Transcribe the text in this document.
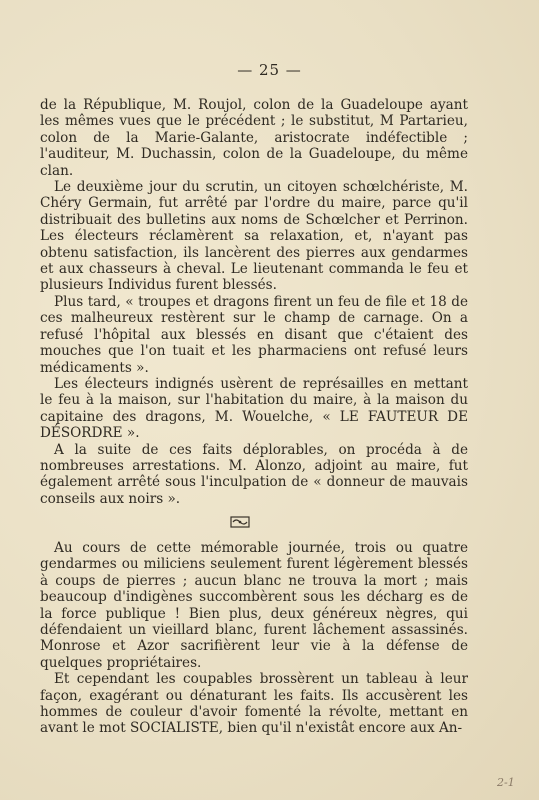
— 25 —

de la République, M. Roujol, colon de la Guadeloupe ayant les mêmes vues que le précédent ; le substitut, M Partarieu, colon de la Marie-Galante, aristocrate indéfectible ; l'auditeur, M. Duchassin, colon de la Guadeloupe, du même clan.

Le deuxième jour du scrutin, un citoyen schœlchériste, M. Chéry Germain, fut arrêté par l'ordre du maire, parce qu'il distribuait des bulletins aux noms de Schœlcher et Perrinon. Les électeurs réclamèrent sa relaxation, et, n'ayant pas obtenu satisfaction, ils lancèrent des pierres aux gendarmes et aux chasseurs à cheval. Le lieutenant commanda le feu et plusieurs Individus furent blessés.

Plus tard, « troupes et dragons firent un feu de file et 18 de ces malheureux restèrent sur le champ de carnage. On a refusé l'hôpital aux blessés en disant que c'étaient des mouches que l'on tuait et les pharmaciens ont refusé leurs médicaments ».

Les électeurs indignés usèrent de représailles en mettant le feu à la maison, sur l'habitation du maire, à la maison du capitaine des dragons, M. Wouelche, « LE FAUTEUR DE DÉSORDRE ».

A la suite de ces faits déplorables, on procéda à de nombreuses arrestations. M. Alonzo, adjoint au maire, fut également arrêté sous l'inculpation de « donneur de mauvais conseils aux noirs ».

Au cours de cette mémorable journée, trois ou quatre gendarmes ou miliciens seulement furent légèrement blessés à coups de pierres ; aucun blanc ne trouva la mort ; mais beaucoup d'indigènes succombèrent sous les décharg es de la force publique ! Bien plus, deux généreux nègres, qui défendaient un vieillard blanc, furent lâchement assassinés. Monrose et Azor sacrifièrent leur vie à la défense de quelques propriétaires.

Et cependant les coupables brossèrent un tableau à leur façon, exagérant ou dénaturant les faits. Ils accusèrent les hommes de couleur d'avoir fomenté la révolte, mettant en avant le mot SOCIALISTE, bien qu'il n'existât encore aux An-

2-1
